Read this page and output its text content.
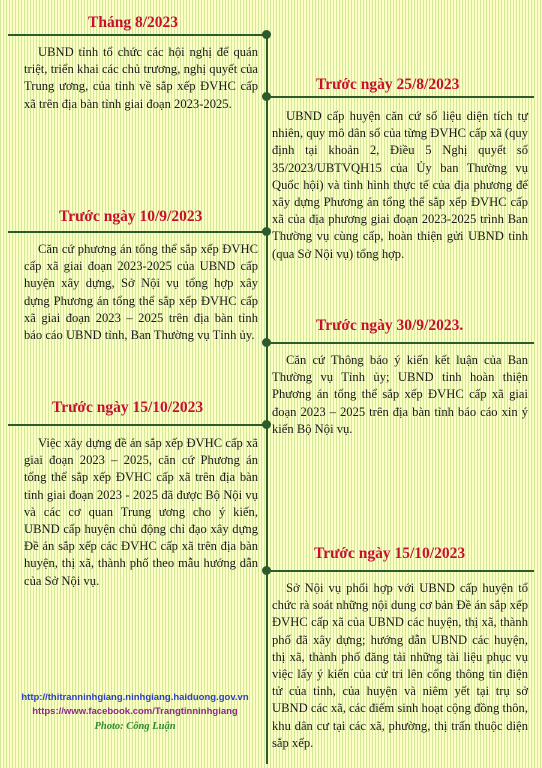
Tháng 8/2023

UBND tỉnh tổ chức các hội nghị để quán triệt, triển khai các chủ trương, nghị quyết của Trung ương, của tỉnh về sắp xếp ĐVHC cấp xã trên địa bàn tỉnh giai đoạn 2023-2025.

Trước ngày 25/8/2023

UBND cấp huyện căn cứ số liệu diện tích tự nhiên, quy mô dân số của từng ĐVHC cấp xã (quy định tại khoản 2, Điều 5 Nghị quyết số 35/2023/UBTVQH15 của Ủy ban Thường vụ Quốc hội) và tình hình thực tế của địa phương để xây dựng Phương án tổng thể sắp xếp ĐVHC cấp xã của địa phương giai đoạn 2023-2025 trình Ban Thường vụ cùng cấp, hoàn thiện gửi UBND tỉnh (qua Sở Nội vụ) tổng hợp.

Trước ngày 10/9/2023

Căn cứ phương án tổng thể sắp xếp ĐVHC cấp xã giai đoạn 2023-2025 của UBND cấp huyện xây dựng, Sở Nội vụ tổng hợp xây dựng Phương án tổng thể sắp xếp ĐVHC cấp xã giai đoạn 2023 – 2025 trên địa bàn tỉnh báo cáo UBND tỉnh, Ban Thường vụ Tỉnh ủy.

Trước ngày 30/9/2023.

Căn cứ Thông báo ý kiến kết luận của Ban Thường vụ Tỉnh ủy; UBND tỉnh hoàn thiện Phương án tổng thể sắp xếp ĐVHC cấp xã giai đoạn 2023 – 2025 trên địa bàn tỉnh báo cáo xin ý kiến Bộ Nội vụ.

Trước ngày 15/10/2023

Việc xây dựng đề án sắp xếp ĐVHC cấp xã giai đoạn 2023 – 2025, căn cứ Phương án tổng thể sắp xếp ĐVHC cấp xã trên địa bàn tỉnh giai đoạn 2023 - 2025 đã được Bộ Nội vụ và các cơ quan Trung ương cho ý kiến, UBND cấp huyện chủ động chỉ đạo xây dựng Đề án sắp xếp các ĐVHC cấp xã trên địa bàn huyện, thị xã, thành phố theo mẫu hướng dẫn của Sở Nội vụ.

Trước ngày 15/10/2023

Sở Nội vụ phối hợp với UBND cấp huyện tổ chức rà soát những nội dung cơ bản Đề án sắp xếp ĐVHC cấp xã của UBND các huyện, thị xã, thành phố đã xây dựng; hướng dẫn UBND các huyện, thị xã, thành phố đăng tải những tài liệu phục vụ việc lấy ý kiến của cử tri lên cổng thông tin điện tử của tỉnh, của huyện và niêm yết tại trụ sở UBND các xã, các điểm sinh hoạt cộng đồng thôn, khu dân cư tại các xã, phường, thị trấn thuộc diện sắp xếp.

http://thitranninhgiang.ninhgiang.haiduong.gov.vn
https://www.facebook.com/Trangtinninhgiang
Photo: Công Luận
